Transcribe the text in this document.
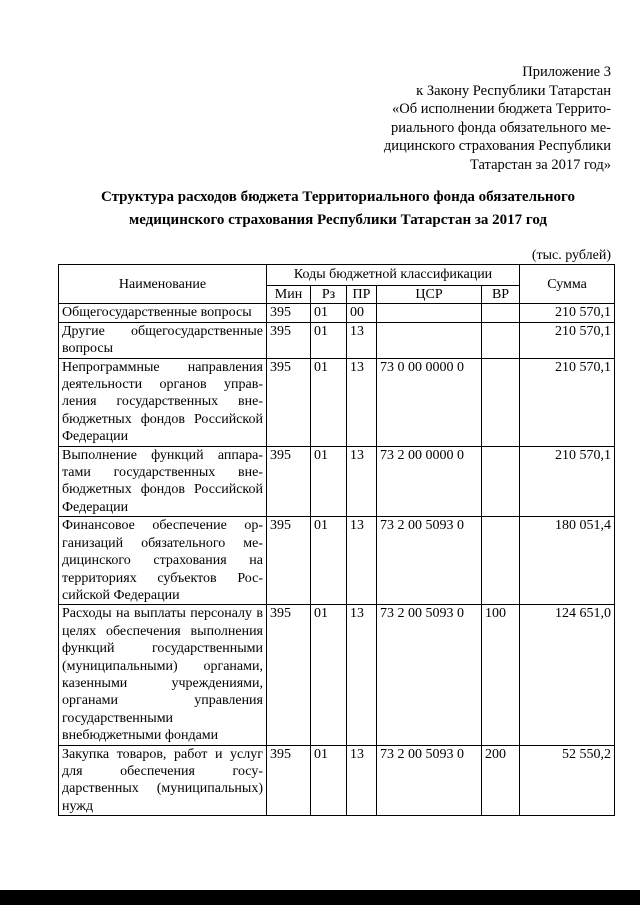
Приложение 3
к Закону Республики Татарстан
«Об исполнении бюджета Террито-
риального фонда обязательного ме-
дицинского страхования Республики
Татарстан за 2017 год»
Структура расходов бюджета Территориального фонда обязательного
медицинского страхования Республики Татарстан за 2017 год
(тыс. рублей)
Наименование	Коды бюджетной классификации					Сумма
	Мин	Рз	ПР	ЦСР	ВР	
Общегосударственные вопросы	395	01	00			210 570,1
Другие общегосударственные вопросы	395	01	13			210 570,1
Непрограммные направления деятельности органов управления государственных внебюджетных фондов Российской Федерации	395	01	13	73 0 00 0000 0		210 570,1
Выполнение функций аппаратами государственных внебюджетных фондов Российской Федерации	395	01	13	73 2 00 0000 0		210 570,1
Финансовое обеспечение организаций обязательного медицинского страхования на территориях субъектов Российской Федерации	395	01	13	73 2 00 5093 0		180 051,4
Расходы на выплаты персоналу в целях обеспечения выполнения функций государственными (муниципальными) органами, казенными учреждениями, органами управления государственными внебюджетными фондами	395	01	13	73 2 00 5093 0	100	124 651,0
Закупка товаров, работ и услуг для обеспечения государственных (муниципальных) нужд	395	01	13	73 2 00 5093 0	200	52 550,2
